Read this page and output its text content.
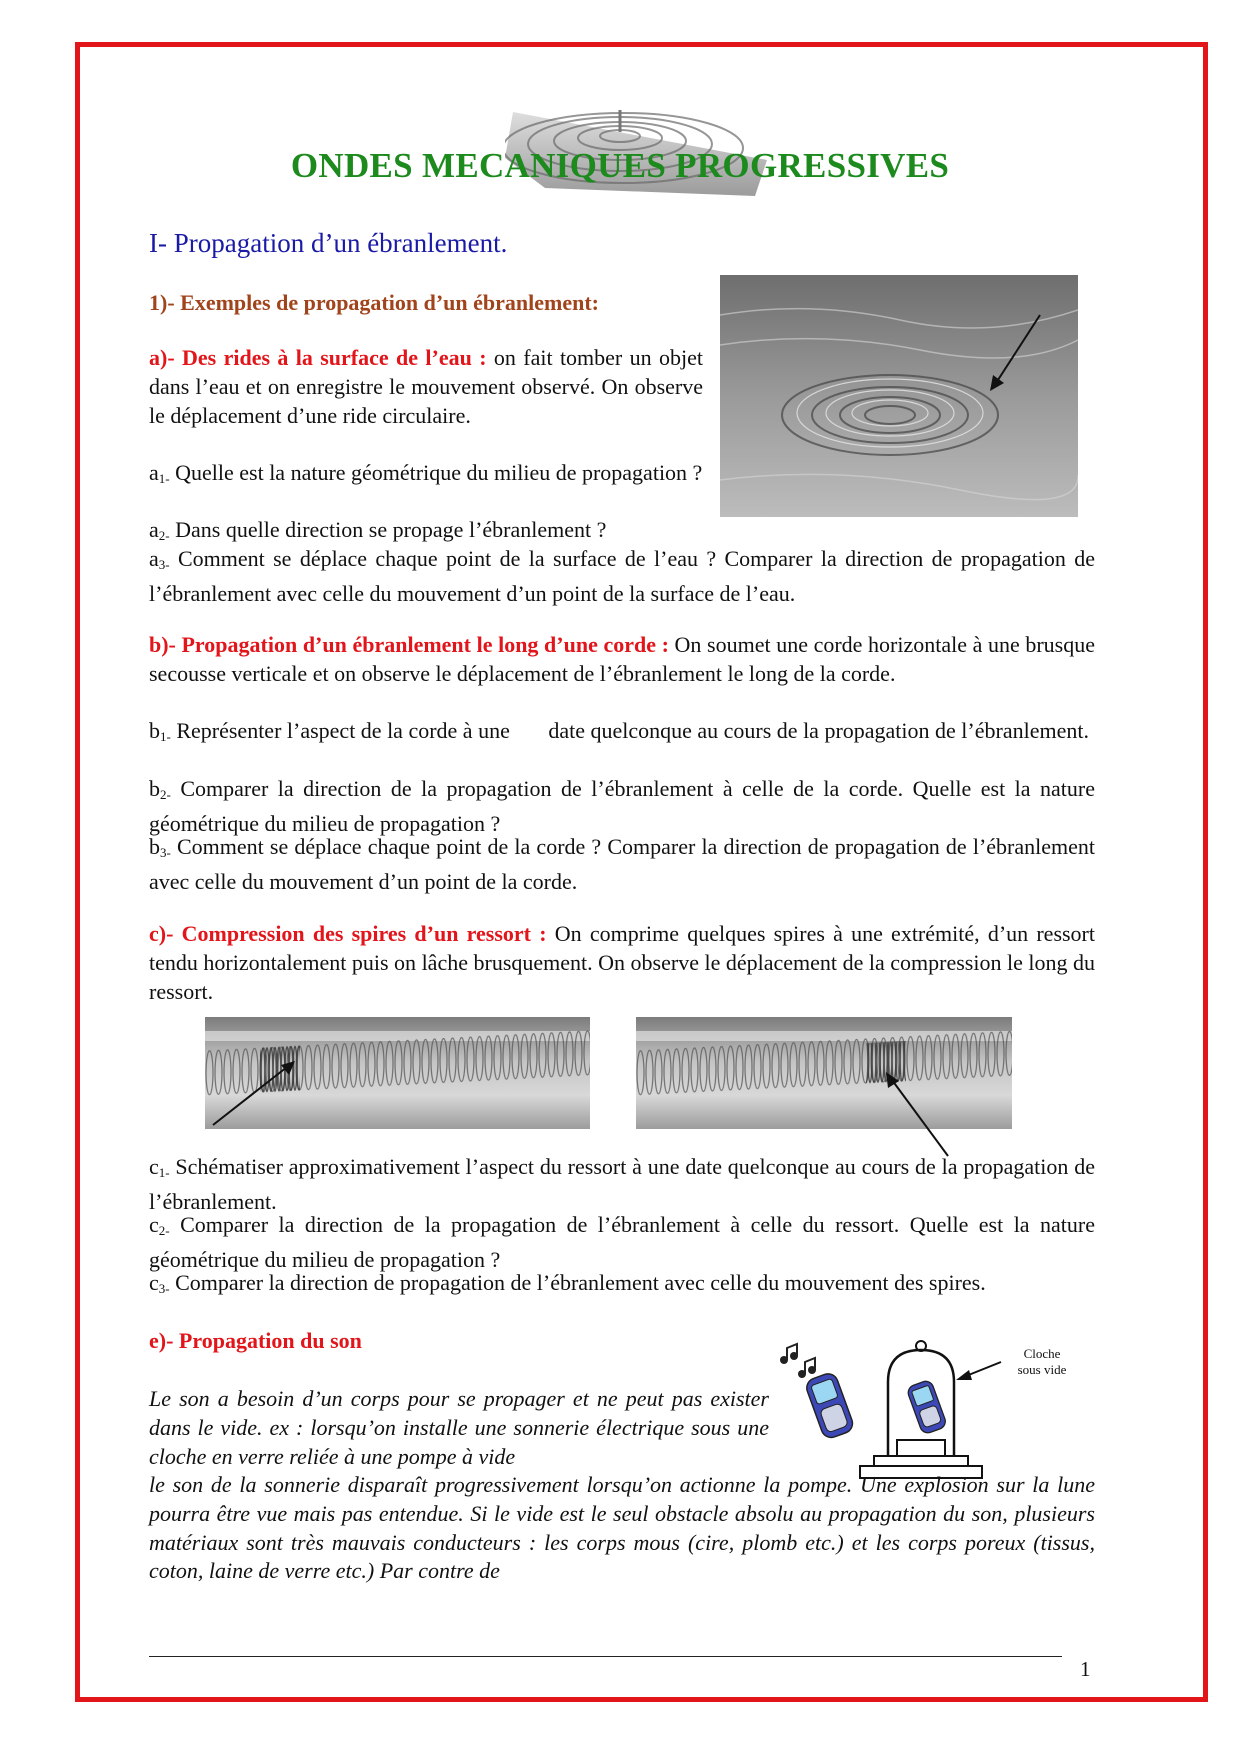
ONDES MECANIQUES PROGRESSIVES
I- Propagation d’un ébranlement.
1)- Exemples de propagation d’un ébranlement:
a)- Des rides à la surface de l’eau : on fait tomber un objet dans l’eau et on enregistre le mouvement observé. On observe le déplacement d’une ride circulaire.
$a_{1-}$ Quelle est la nature géométrique du milieu de propagation ?
$a_{2-}$ Dans quelle direction se propage l’ébranlement ?
$a_{3-}$ Comment se déplace chaque point de la surface de l’eau ? Comparer la direction de propagation de l’ébranlement avec celle du mouvement d’un point de la surface de l’eau.
b)- Propagation d’un ébranlement le long d’une corde : On soumet une corde horizontale à une brusque secousse verticale et on observe le déplacement de l’ébranlement le long de la corde.
$b_{1-}$ Représenter l’aspect de la corde à une       date quelconque au cours de la propagation de l’ébranlement.
$b_{2-}$ Comparer la direction de la propagation de l’ébranlement à celle de la corde. Quelle est la nature géométrique du milieu de propagation ?
$b_{3-}$ Comment se déplace chaque point de la corde ? Comparer la direction de propagation de l’ébranlement avec celle du mouvement d’un point de la corde.
c)- Compression des spires d’un ressort : On comprime quelques spires à une extrémité, d’un ressort tendu horizontalement puis on lâche brusquement. On observe le déplacement de la compression le long du ressort.
$c_{1-}$ Schématiser approximativement l’aspect du ressort à une date quelconque au cours de la propagation de l’ébranlement.
$c_{2-}$ Comparer la direction de la propagation de l’ébranlement à celle du ressort. Quelle est la nature géométrique du milieu de propagation ?
$c_{3-}$ Comparer la direction de propagation de l’ébranlement avec celle du mouvement des spires.
e)- Propagation du son
Le son a besoin d’un corps pour se propager et ne peut pas exister dans le vide. ex : lorsqu’on installe une sonnerie électrique sous une cloche en verre reliée à une pompe à vide
Cloche
sous vide
le son de la sonnerie disparaît progressivement lorsqu’on actionne la pompe. Une explosion sur la lune pourra être vue mais pas entendue. Si le vide est le seul obstacle absolu au propagation du son, plusieurs matériaux sont très mauvais conducteurs : les corps mous (cire, plomb etc.) et les corps poreux (tissus, coton, laine de verre etc.) Par contre de
1
